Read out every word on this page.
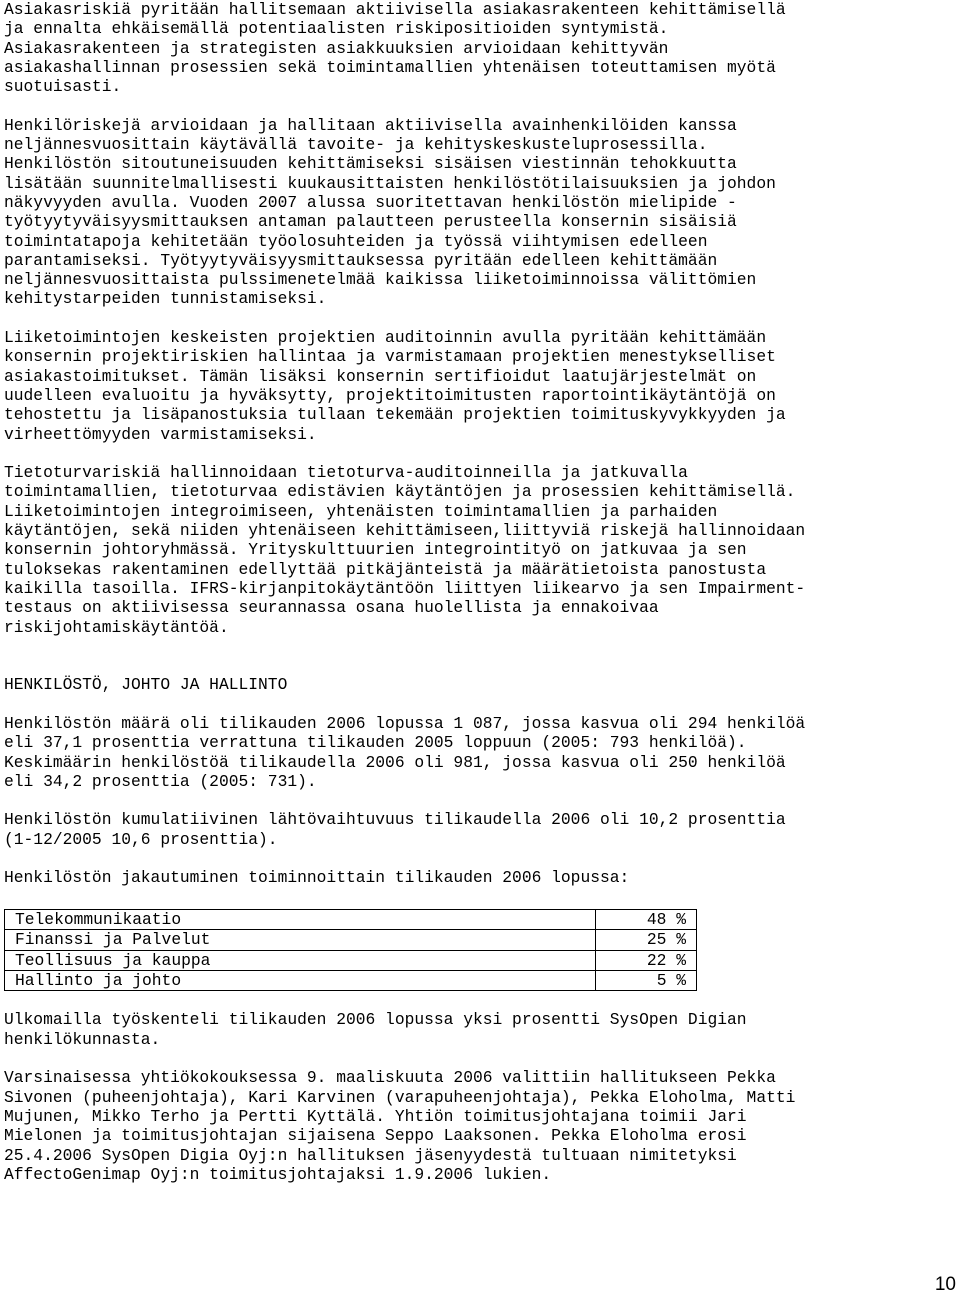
Asiakasriskiä pyritään hallitsemaan aktiivisella asiakasrakenteen kehittämisellä

ja ennalta ehkäisemällä potentiaalisten riskipositioiden syntymistä.

Asiakasrakenteen ja strategisten asiakkuuksien arvioidaan kehittyvän

asiakashallinnan prosessien sekä toimintamallien yhtenäisen toteuttamisen myötä

suotuisasti.

Henkilöriskejä arvioidaan ja hallitaan aktiivisella avainhenkilöiden kanssa

neljännesvuosittain käytävällä tavoite- ja kehityskeskusteluprosessilla.

Henkilöstön sitoutuneisuuden kehittämiseksi sisäisen viestinnän tehokkuutta

lisätään suunnitelmallisesti kuukausittaisten henkilöstötilaisuuksien ja johdon

näkyvyyden avulla. Vuoden 2007 alussa suoritettavan henkilöstön mielipide -

työtyytyväisyysmittauksen antaman palautteen perusteella konsernin sisäisiä

toimintatapoja kehitetään työolosuhteiden ja työssä viihtymisen edelleen

parantamiseksi. Työtyytyväisyysmittauksessa pyritään edelleen kehittämään

neljännesvuosittaista pulssimenetelmää kaikissa liiketoiminnoissa välittömien

kehitystarpeiden tunnistamiseksi.

Liiketoimintojen keskeisten projektien auditoinnin avulla pyritään kehittämään

konsernin projektiriskien hallintaa ja varmistamaan projektien menestykselliset

asiakastoimitukset. Tämän lisäksi konsernin sertifioidut laatujärjestelmät on

uudelleen evaluoitu ja hyväksytty, projektitoimitusten raportointikäytäntöjä on

tehostettu ja lisäpanostuksia tullaan tekemään projektien toimituskyvykkyyden ja

virheettömyyden varmistamiseksi.

Tietoturvariskiä hallinnoidaan tietoturva-auditoinneilla ja jatkuvalla

toimintamallien, tietoturvaa edistävien käytäntöjen ja prosessien kehittämisellä.

Liiketoimintojen integroimiseen, yhtenäisten toimintamallien ja parhaiden

käytäntöjen, sekä niiden yhtenäiseen kehittämiseen,liittyviä riskejä hallinnoidaan

konsernin johtoryhmässä. Yrityskulttuurien integrointityö on jatkuvaa ja sen

tuloksekas rakentaminen edellyttää pitkäjänteistä ja määrätietoista panostusta

kaikilla tasoilla. IFRS-kirjanpitokäytäntöön liittyen liikearvo ja sen Impairment-

testaus on aktiivisessa seurannassa osana huolellista ja ennakoivaa

riskijohtamiskäytäntöä.

HENKILÖSTÖ, JOHTO JA HALLINTO

Henkilöstön määrä oli tilikauden 2006 lopussa 1 087, jossa kasvua oli 294 henkilöä

eli 37,1 prosenttia verrattuna tilikauden 2005 loppuun (2005: 793 henkilöä).

Keskimäärin henkilöstöä tilikaudella 2006 oli 981, jossa kasvua oli 250 henkilöä

eli 34,2 prosenttia (2005: 731).

Henkilöstön kumulatiivinen lähtövaihtuvuus tilikaudella 2006 oli 10,2 prosenttia

(1-12/2005 10,6 prosenttia).

Henkilöstön jakautuminen toiminnoittain tilikauden 2006 lopussa:

Telekommunikaatio	48 %
Finanssi ja Palvelut	25 %
Teollisuus ja kauppa	22 %
Hallinto ja johto	5 %

Ulkomailla työskenteli tilikauden 2006 lopussa yksi prosentti SysOpen Digian

henkilökunnasta.

Varsinaisessa yhtiökokouksessa 9. maaliskuuta 2006 valittiin hallitukseen Pekka

Sivonen (puheenjohtaja), Kari Karvinen (varapuheenjohtaja), Pekka Eloholma, Matti

Mujunen, Mikko Terho ja Pertti Kyttälä. Yhtiön toimitusjohtajana toimii Jari

Mielonen ja toimitusjohtajan sijaisena Seppo Laaksonen. Pekka Eloholma erosi

25.4.2006 SysOpen Digia Oyj:n hallituksen jäsenyydestä tultuaan nimitetyksi

AffectoGenimap Oyj:n toimitusjohtajaksi 1.9.2006 lukien.

10
